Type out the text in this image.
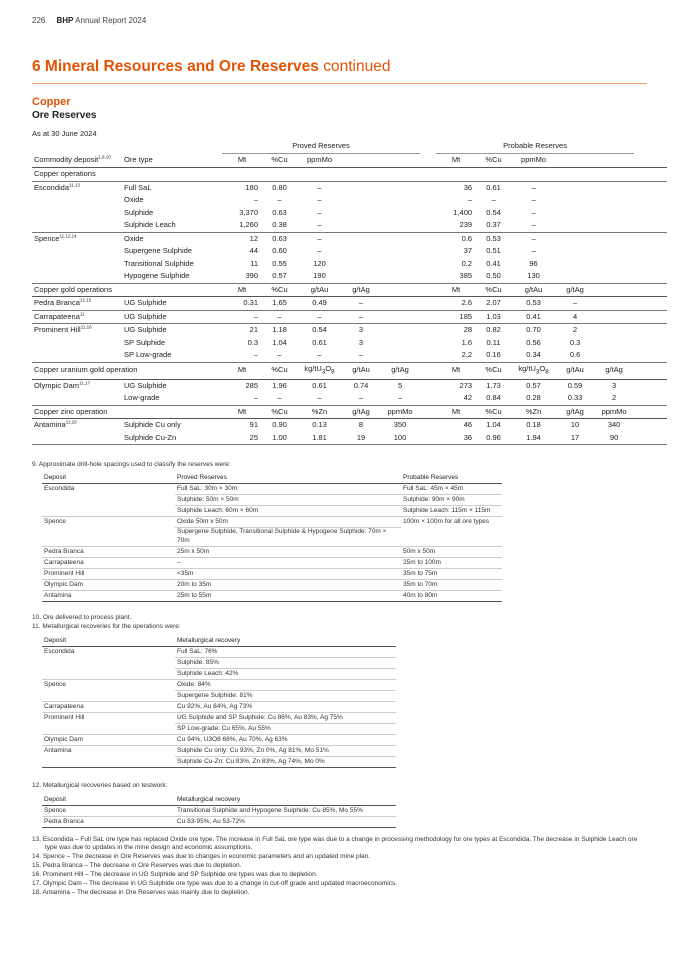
226 BHP Annual Report 2024
6 Mineral Resources and Ore Reserves continued
Copper
Ore Reserves
As at 30 June 2024
		Proved Reserves						Probable Reserves					
Commodity deposit$^{1,8,10}$	Ore type	Mt	%Cu	ppmMo				Mt	%Cu	ppmMo			
Copper operations													
Escondida$^{11,13}$	Full SaL	180	0.80	–				36	0.61	–			
	Oxide	–	–	–				–	–	–			
	Sulphide	3,370	0.63	–				1,400	0.54	–			
	Sulphide Leach	1,260	0.38	–				239	0.37	–			
Spence$^{11,12,14}$	Oxide	12	0.63	–				0.6	0.53	–			
	Supergene Sulphide	44	0.60	–				37	0.51	–			
	Transitional Sulphide	11	0.55	120				0.2	0.41	96			
	Hypogene Sulphide	390	0.57	190				385	0.50	130			
Copper gold operations		Mt	%Cu	g/tAu	g/tAg			Mt	%Cu	g/tAu	g/tAg		
Pedra Branca$^{12,15}$	UG Sulphide	0.31	1.65	0.49	–			2.6	2.07	0.53	–		
Carrapateena$^{11}$	UG Sulphide	–	–	–	–			185	1.03	0.41	4		
Prominent Hill$^{11,16}$	UG Sulphide	21	1.18	0.54	3			28	0.82	0.70	2		
	SP Sulphide	0.3	1.04	0.61	3			1.6	0.11	0.56	0.3		
	SP Low-grade	–	–	–	–			2.2	0.16	0.34	0.6		
Copper uranium gold operation		Mt	%Cu	$kg/tU_3O_8$	g/tAu	g/tAg		Mt	%Cu	$kg/tU_3O_8$	g/tAu	g/tAg	
Olympic Dam$^{11,17}$	UG Sulphide	285	1.96	0.61	0.74	5		273	1.73	0.57	0.59	3	
	Low-grade	–	–	–	–	–		42	0.84	0.28	0.33	2	
Copper zinc operation		Mt	%Cu	%Zn	g/tAg	ppmMo		Mt	%Cu	%Zn	g/tAg	ppmMo	
Antamina$^{11,18}$	Sulphide Cu only	91	0.90	0.13	8	350		46	1.04	0.18	10	340	
	Sulphide Cu-Zn	25	1.00	1.81	19	100		36	0.96	1.94	17	90	
9. Approximate drill-hole spacings used to classify the reserves were:
Deposit	Proved Reserves	Probable Reserves
Escondida	Full SaL: 30m × 30m	Full SaL: 45m × 45m
	Sulphide: 50m × 50m	Sulphide: 90m × 90m
	Sulphide Leach: 60m × 60m	Sulphide Leach: 115m × 115m
Spence	Oxide 50m x 50m	100m × 100m for all ore types
	Supergene Sulphide, Transitional Sulphide & Hypogene Sulphide: 70m × 70m	
Pedra Branca	25m x 50m	50m x 50m
Carrapateena	–	25m to 100m
Prominent Hill	<35m	35m to 75m
Olympic Dam	20m to 35m	35m to 70m
Antamina	25m to 55m	40m to 80m
10. Ore delivered to process plant.
11. Metallurgical recoveries for the operations were:
Deposit	Metallurgical recovery
Escondida	Full SaL: 76%
	Sulphide: 85%
	Sulphide Leach: 42%
Spence	Oxide: 84%
	Supergene Sulphide: 81%
Carrapateena	Cu 92%, Au 84%, Ag 73%
Prominent Hill	UG Sulphide and SP Sulphide: Cu 86%, Au 83%, Ag 75%
	SP Low-grade: Cu 65%, Au 55%
Olympic Dam	Cu 94%, U3O8 68%, Au 70%, Ag 63%
Antamina	Sulphide Cu only: Cu 93%, Zn 0%, Ag 81%, Mo 51%
	Sulphide Cu-Zn: Cu 83%, Zn 83%, Ag 74%, Mo 0%
12. Metallurgical recoveries based on testwork:
Deposit	Metallurgical recovery
Spence	Transitional Sulphide and Hypogene Sulphide: Cu 85%, Mo 55%
Pedra Branca	Cu 83-95%, Au 53-72%
13. Escondida – Full SaL ore type has replaced Oxide ore type. The increase in Full SaL ore type was due to a change in processing methodology for ore types at Escondida. The decrease in Sulphide Leach ore type was due to updates in the mine design and economic assumptions.
14. Spence – The decrease in Ore Reserves was due to changes in economic parameters and an updated mine plan.
15. Pedra Branca – The decrease in Ore Reserves was due to depletion.
16. Prominent Hill – The decrease in UG Sulphide and SP Sulphide ore types was due to depletion.
17. Olympic Dam – The decrease in UG Sulphide ore type was due to a change in cut-off grade and updated macroeconomics.
18. Antamina – The decrease in Ore Reserves was mainly due to depletion.
